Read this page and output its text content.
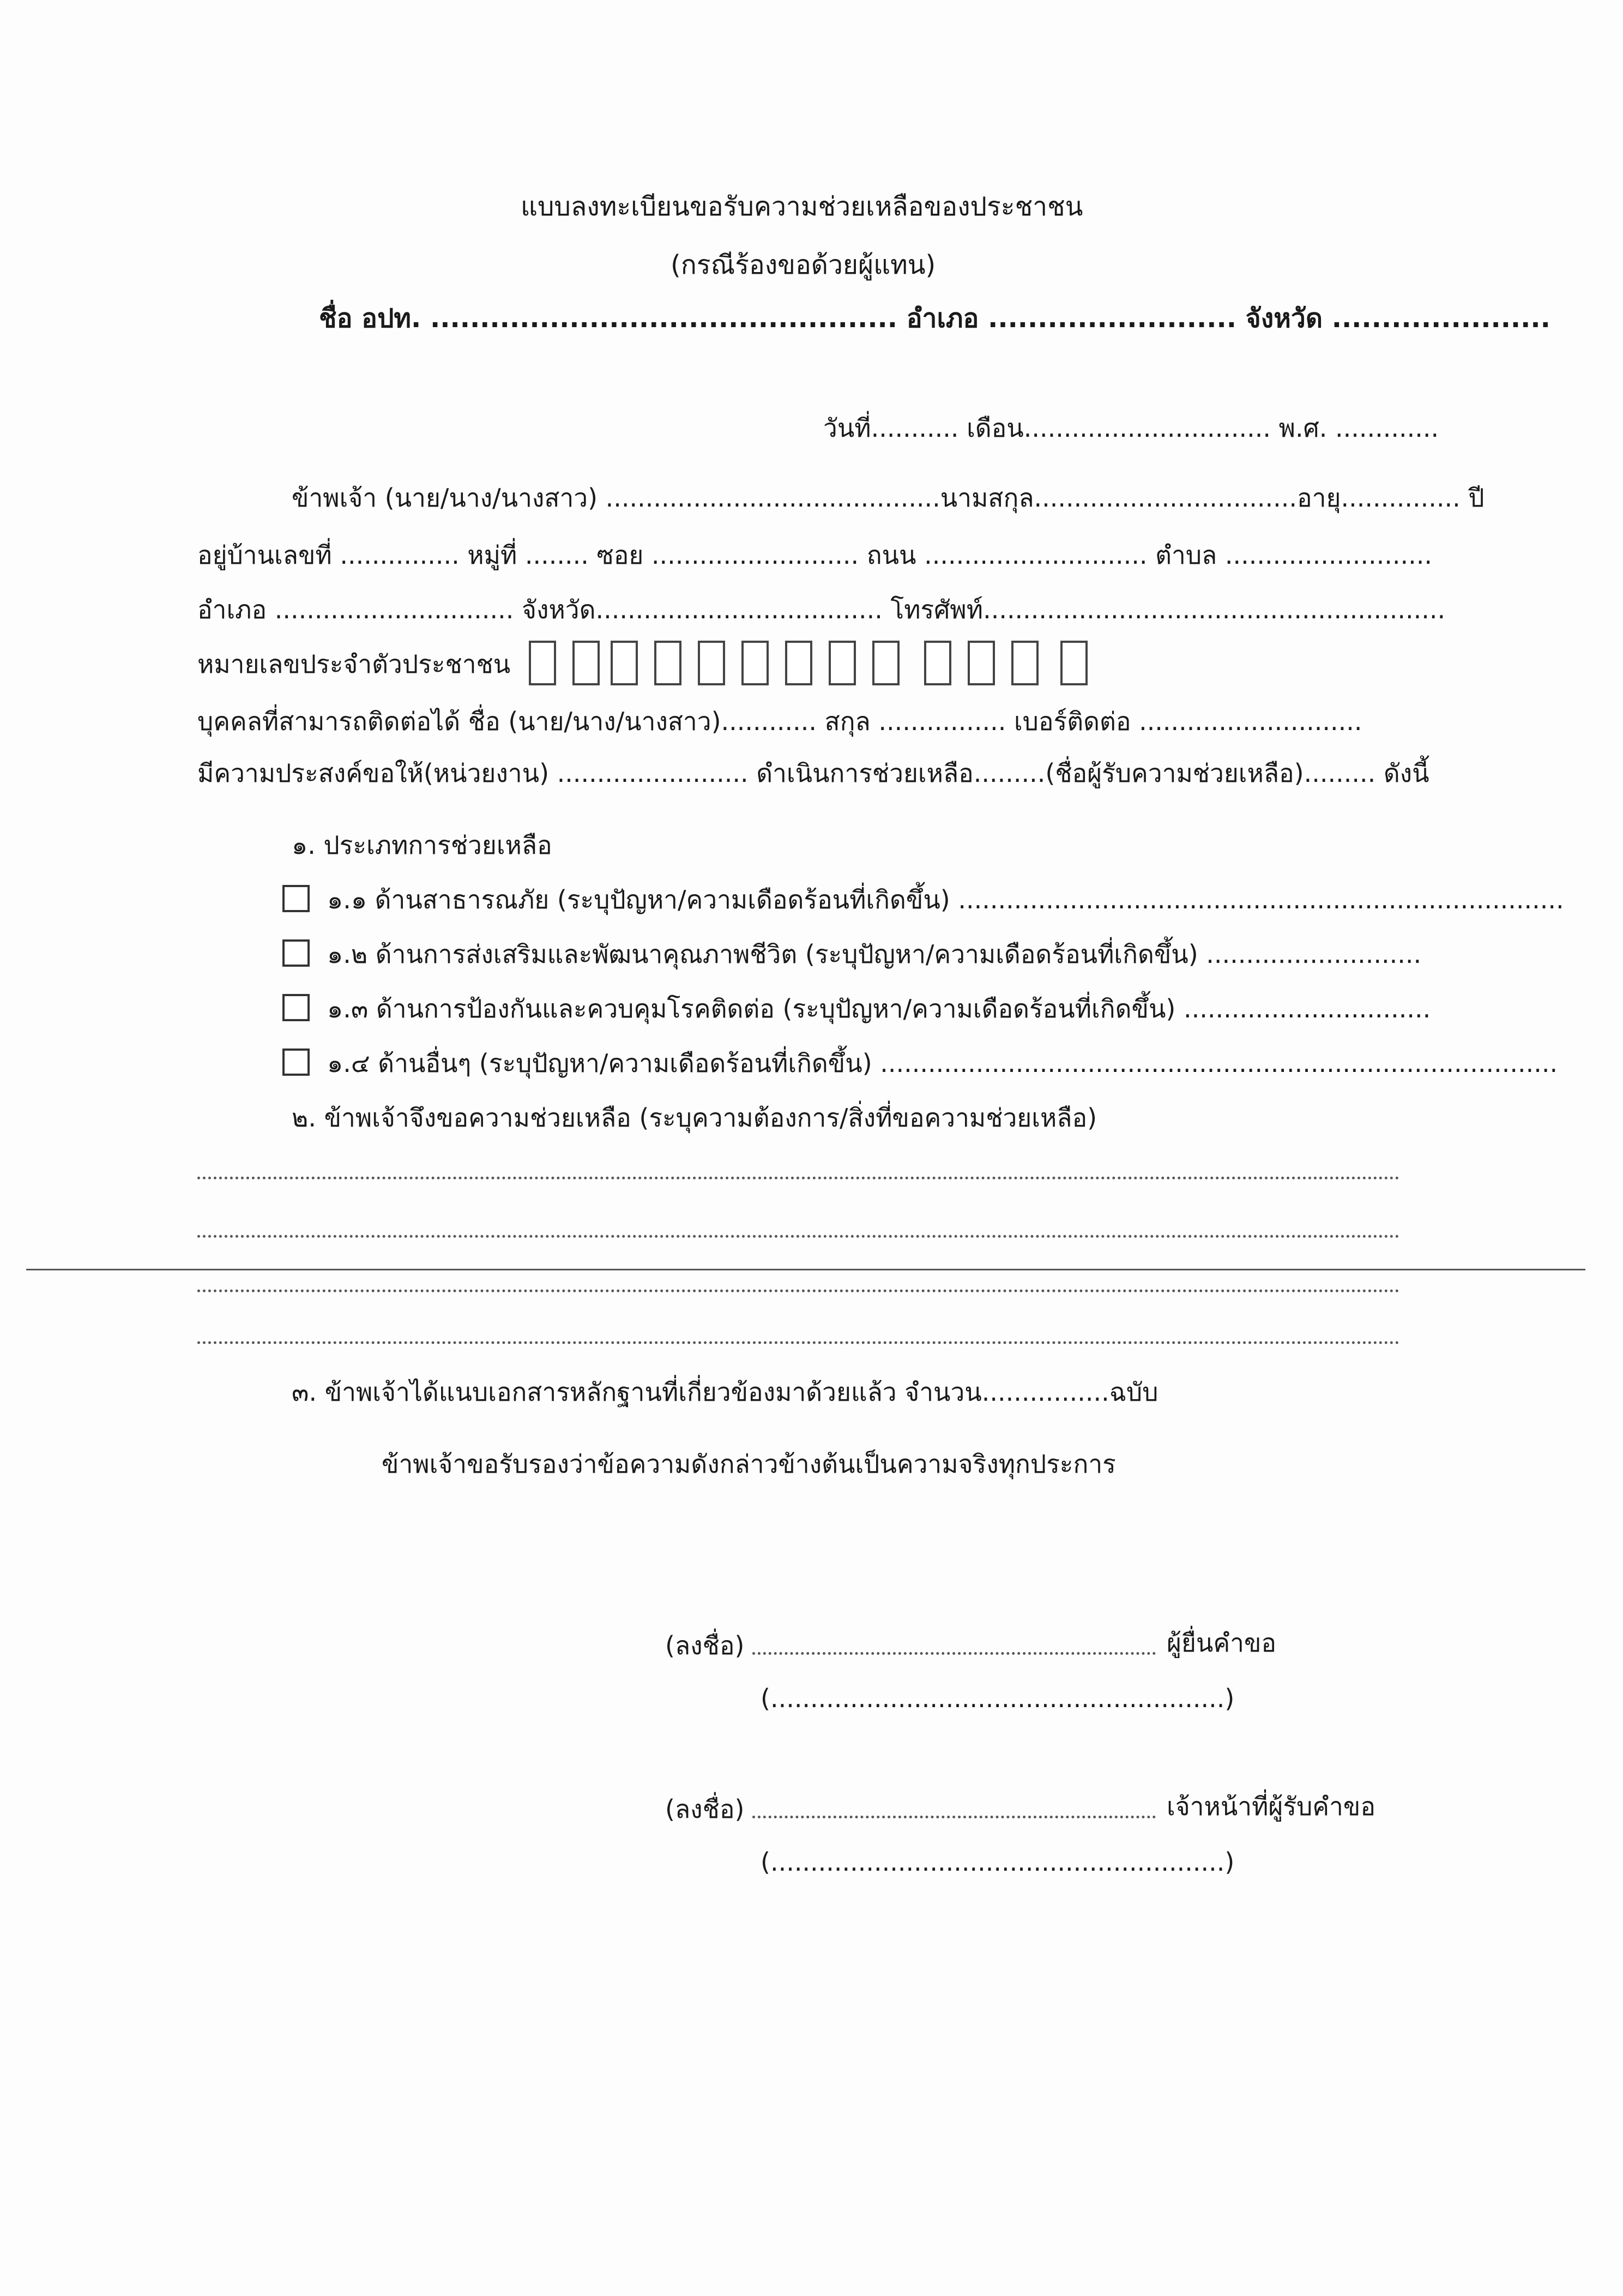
แบบลงทะเบียนขอรับความช่วยเหลือของประชาชน
(กรณีร้องขอด้วยผู้แทน)
ชื่อ อปท. ............................................... อำเภอ ......................... จังหวัด ......................
วันที่........... เดือน............................... พ.ศ. .............
ข้าพเจ้า (นาย/นาง/นางสาว) ..........................................นามสกุล.................................อายุ............... ปี
อยู่บ้านเลขที่ ............... หมู่ที่ ........ ซอย .......................... ถนน ............................ ตำบล ..........................
อำเภอ .............................. จังหวัด.................................... โทรศัพท์..........................................................
หมายเลขประจำตัวประชาชน
บุคคลที่สามารถติดต่อได้ ชื่อ (นาย/นาง/นางสาว)............ สกุล ................ เบอร์ติดต่อ ............................
มีความประสงค์ขอให้(หน่วยงาน) ........................ ดำเนินการช่วยเหลือ.........(ชื่อผู้รับความช่วยเหลือ)......... ดังนี้
๑. ประเภทการช่วยเหลือ
๑.๑ ด้านสาธารณภัย (ระบุปัญหา/ความเดือดร้อนที่เกิดขึ้น) ............................................................................
๑.๒ ด้านการส่งเสริมและพัฒนาคุณภาพชีวิต (ระบุปัญหา/ความเดือดร้อนที่เกิดขึ้น) ...........................
๑.๓ ด้านการป้องกันและควบคุมโรคติดต่อ (ระบุปัญหา/ความเดือดร้อนที่เกิดขึ้น) ...............................
๑.๔ ด้านอื่นๆ (ระบุปัญหา/ความเดือดร้อนที่เกิดขึ้น) .....................................................................................
๒. ข้าพเจ้าจึงขอความช่วยเหลือ (ระบุความต้องการ/สิ่งที่ขอความช่วยเหลือ)
๓. ข้าพเจ้าได้แนบเอกสารหลักฐานที่เกี่ยวข้องมาด้วยแล้ว จำนวน................ฉบับ
ข้าพเจ้าขอรับรองว่าข้อความดังกล่าวข้างต้นเป็นความจริงทุกประการ
(ลงชื่อ)	ผู้ยื่นคำขอ
(.........................................................)
(ลงชื่อ)	เจ้าหน้าที่ผู้รับคำขอ
(.........................................................)
